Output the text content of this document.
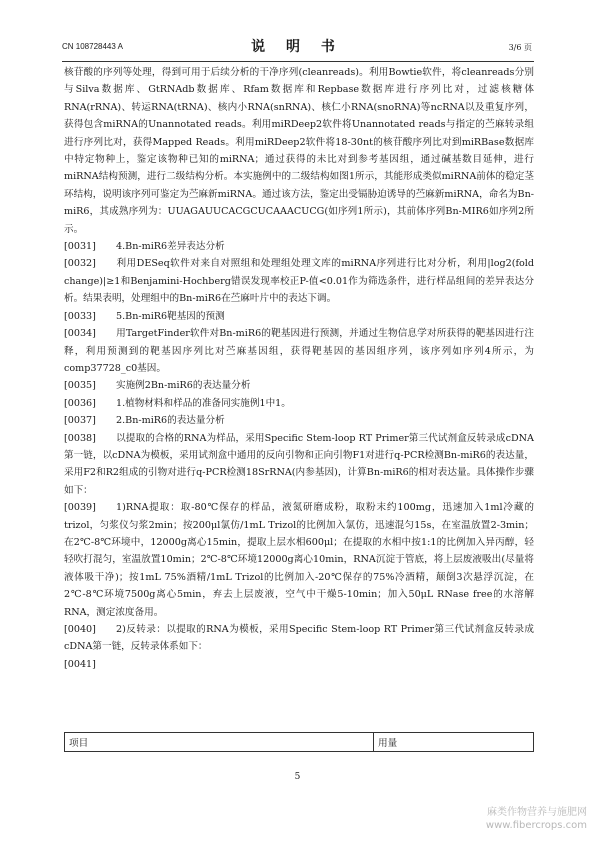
CN 108728443 A	说 明 书	3/6 页

核苷酸的序列等处理，得到可用于后续分析的干净序列(cleanreads)。利用Bowtie软件，将cleanreads分别与Silva数据库、GtRNAdb数据库、Rfam数据库和Repbase数据库进行序列比对，过滤核糖体RNA(rRNA)、转运RNA(tRNA)、核内小RNA(snRNA)、核仁小RNA(snoRNA)等ncRNA以及重复序列，获得包含miRNA的Unannotated reads。利用miRDeep2软件将Unannotated reads与指定的苎麻转录组进行序列比对，获得Mapped Reads。利用miRDeep2软件将18-30nt的核苷酸序列比对到miRBase数据库中特定物种上，鉴定该物种已知的miRNA；通过获得的未比对到参考基因组，通过碱基数目延伸，进行miRNA结构预测，进行二级结构分析。本实施例中的二级结构如图1所示，其能形成类似miRNA前体的稳定茎环结构，说明该序列可鉴定为苎麻新miRNA。通过该方法，鉴定出受镉胁迫诱导的苎麻新miRNA，命名为Bn-miR6，其成熟序列为：UUAGAUUCACGCUCAAACUCG(如序列1所示)，其前体序列Bn-MIR6如序列2所示。

[0031] 4.Bn-miR6差异表达分析

[0032] 利用DESeq软件对来自对照组和处理组处理文库的miRNA序列进行比对分析，利用|log2(fold change)|≥1和Benjamini-Hochberg错误发现率校正P-值<0.01作为筛选条件，进行样品组间的差异表达分析。结果表明，处理组中的Bn-miR6在苎麻叶片中的表达下调。

[0033] 5.Bn-miR6靶基因的预测

[0034] 用TargetFinder软件对Bn-miR6的靶基因进行预测，并通过生物信息学对所获得的靶基因进行注释，利用预测到的靶基因序列比对苎麻基因组，获得靶基因的基因组序列，该序列如序列4所示，为comp37728_c0基因。

[0035] 实施例2Bn-miR6的表达量分析

[0036] 1.植物材料和样品的准备同实施例1中1。

[0037] 2.Bn-miR6的表达量分析

[0038] 以提取的合格的RNA为样品，采用Specific Stem-loop RT Primer第三代试剂盒反转录成cDNA第一链，以cDNA为模板，采用试剂盒中通用的反向引物和正向引物F1对进行q-PCR检测Bn-miR6的表达量，采用F2和R2组成的引物对进行q-PCR检测18SrRNA(内参基因)，计算Bn-miR6的相对表达量。具体操作步骤如下：

[0039] 1)RNA提取：取-80℃保存的样品，液氮研磨成粉，取粉末约100mg，迅速加入1ml冷藏的trizol，匀浆仪匀浆2min；按200μl氯仿/1mL Trizol的比例加入氯仿，迅速混匀15s，在室温放置2-3min；在2℃-8℃环境中，12000g离心15min，提取上层水相600μl；在提取的水相中按1:1的比例加入异丙醇，轻轻吹打混匀，室温放置10min；2℃-8℃环境12000g离心10min，RNA沉淀于管底，将上层废液吸出(尽量将液体吸干净)；按1mL 75%酒精/1mL Trizol的比例加入-20℃保存的75%冷酒精，颠倒3次悬浮沉淀，在2℃-8℃环境7500g离心5min，弃去上层废液，空气中干燥5-10min；加入50μL RNase free的水溶解RNA，测定浓度备用。

[0040] 2)反转录：以提取的RNA为模板，采用Specific Stem-loop RT Primer第三代试剂盒反转录成cDNA第一链，反转录体系如下：

[0041]

项目	用量
5
麻类作物营养与施肥网
www.fibercrops.com
